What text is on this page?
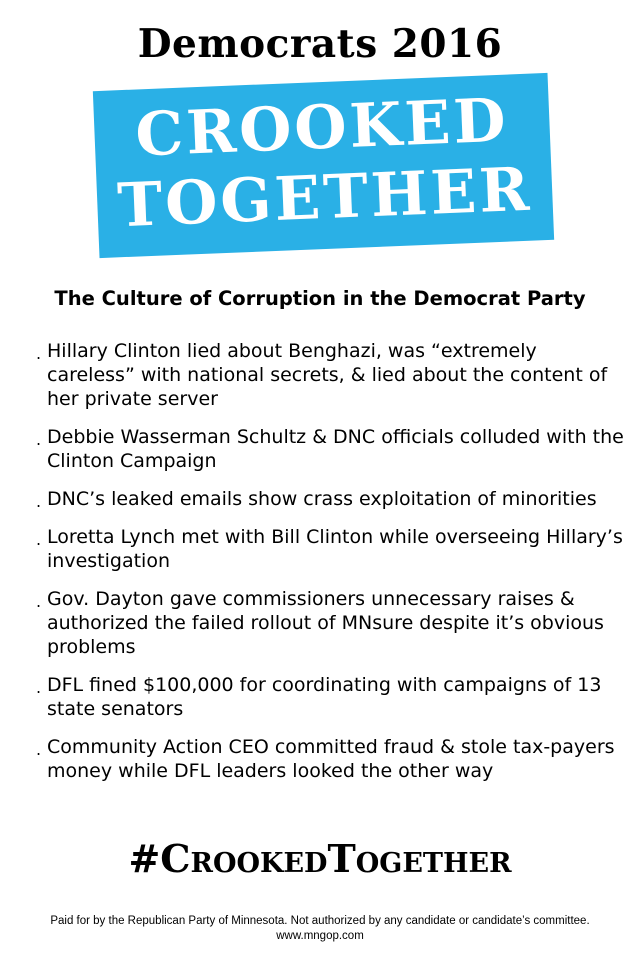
Democrats 2016
CROOKED
TOGETHER
The Culture of Corruption in the Democrat Party
. Hillary Clinton lied about Benghazi, was “extremely careless” with national secrets, & lied about the content of her private server
. Debbie Wasserman Schultz & DNC officials colluded with the Clinton Campaign
. DNC’s leaked emails show crass exploitation of minorities
. Loretta Lynch met with Bill Clinton while overseeing Hillary’s investigation
. Gov. Dayton gave commissioners unnecessary raises & authorized the failed rollout of MNsure despite it’s obvious problems
. DFL fined $100,000 for coordinating with campaigns of 13 state senators
. Community Action CEO committed fraud & stole tax-payers money while DFL leaders looked the other way
#CrookedTogether
Paid for by the Republican Party of Minnesota. Not authorized by any candidate or candidate’s committee.
www.mngop.com
